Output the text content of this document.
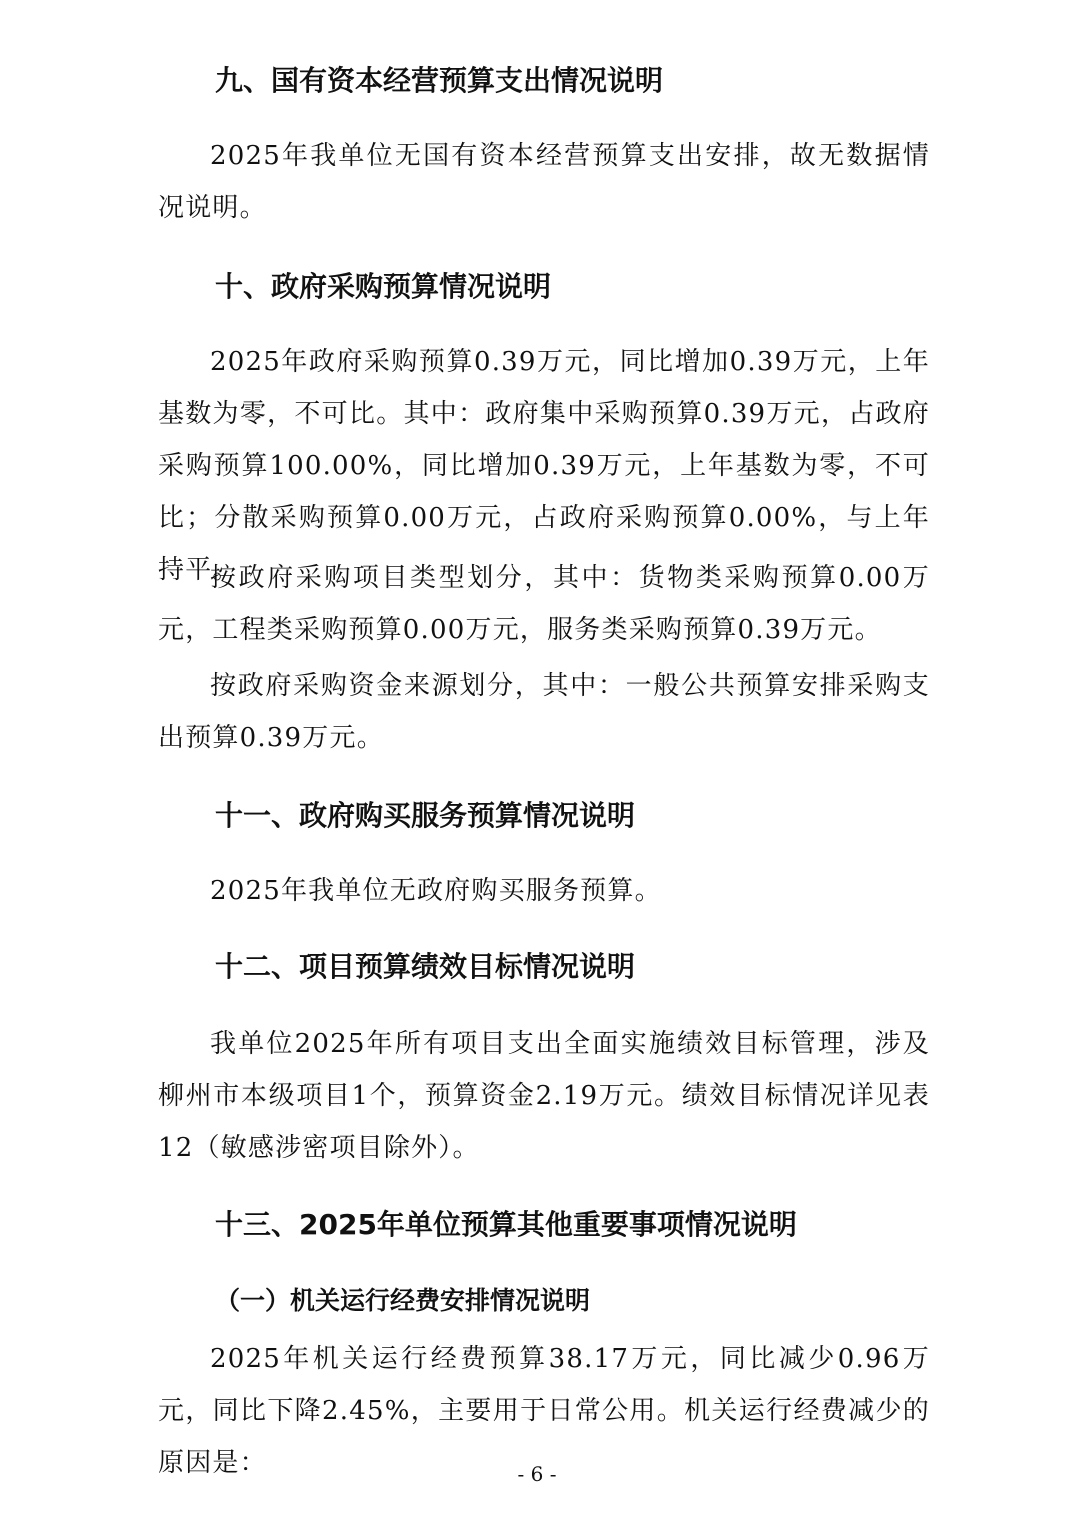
九、国有资本经营预算支出情况说明

2025年我单位无国有资本经营预算支出安排，故无数据情况说明。

十、政府采购预算情况说明

2025年政府采购预算0.39万元，同比增加0.39万元，上年基数为零，不可比。其中：政府集中采购预算0.39万元，占政府采购预算100.00%，同比增加0.39万元，上年基数为零，不可比；分散采购预算0.00万元，占政府采购预算0.00%，与上年持平。

按政府采购项目类型划分，其中：货物类采购预算0.00万元，工程类采购预算0.00万元，服务类采购预算0.39万元。

按政府采购资金来源划分，其中：一般公共预算安排采购支出预算0.39万元。

十一、政府购买服务预算情况说明

2025年我单位无政府购买服务预算。

十二、项目预算绩效目标情况说明

我单位2025年所有项目支出全面实施绩效目标管理，涉及柳州市本级项目1个，预算资金2.19万元。绩效目标情况详见表12（敏感涉密项目除外）。

十三、2025年单位预算其他重要事项情况说明
（一）机关运行经费安排情况说明

2025年机关运行经费预算38.17万元，同比减少0.96万元，同比下降2.45%，主要用于日常公用。机关运行经费减少的原因是：	- 6 -
